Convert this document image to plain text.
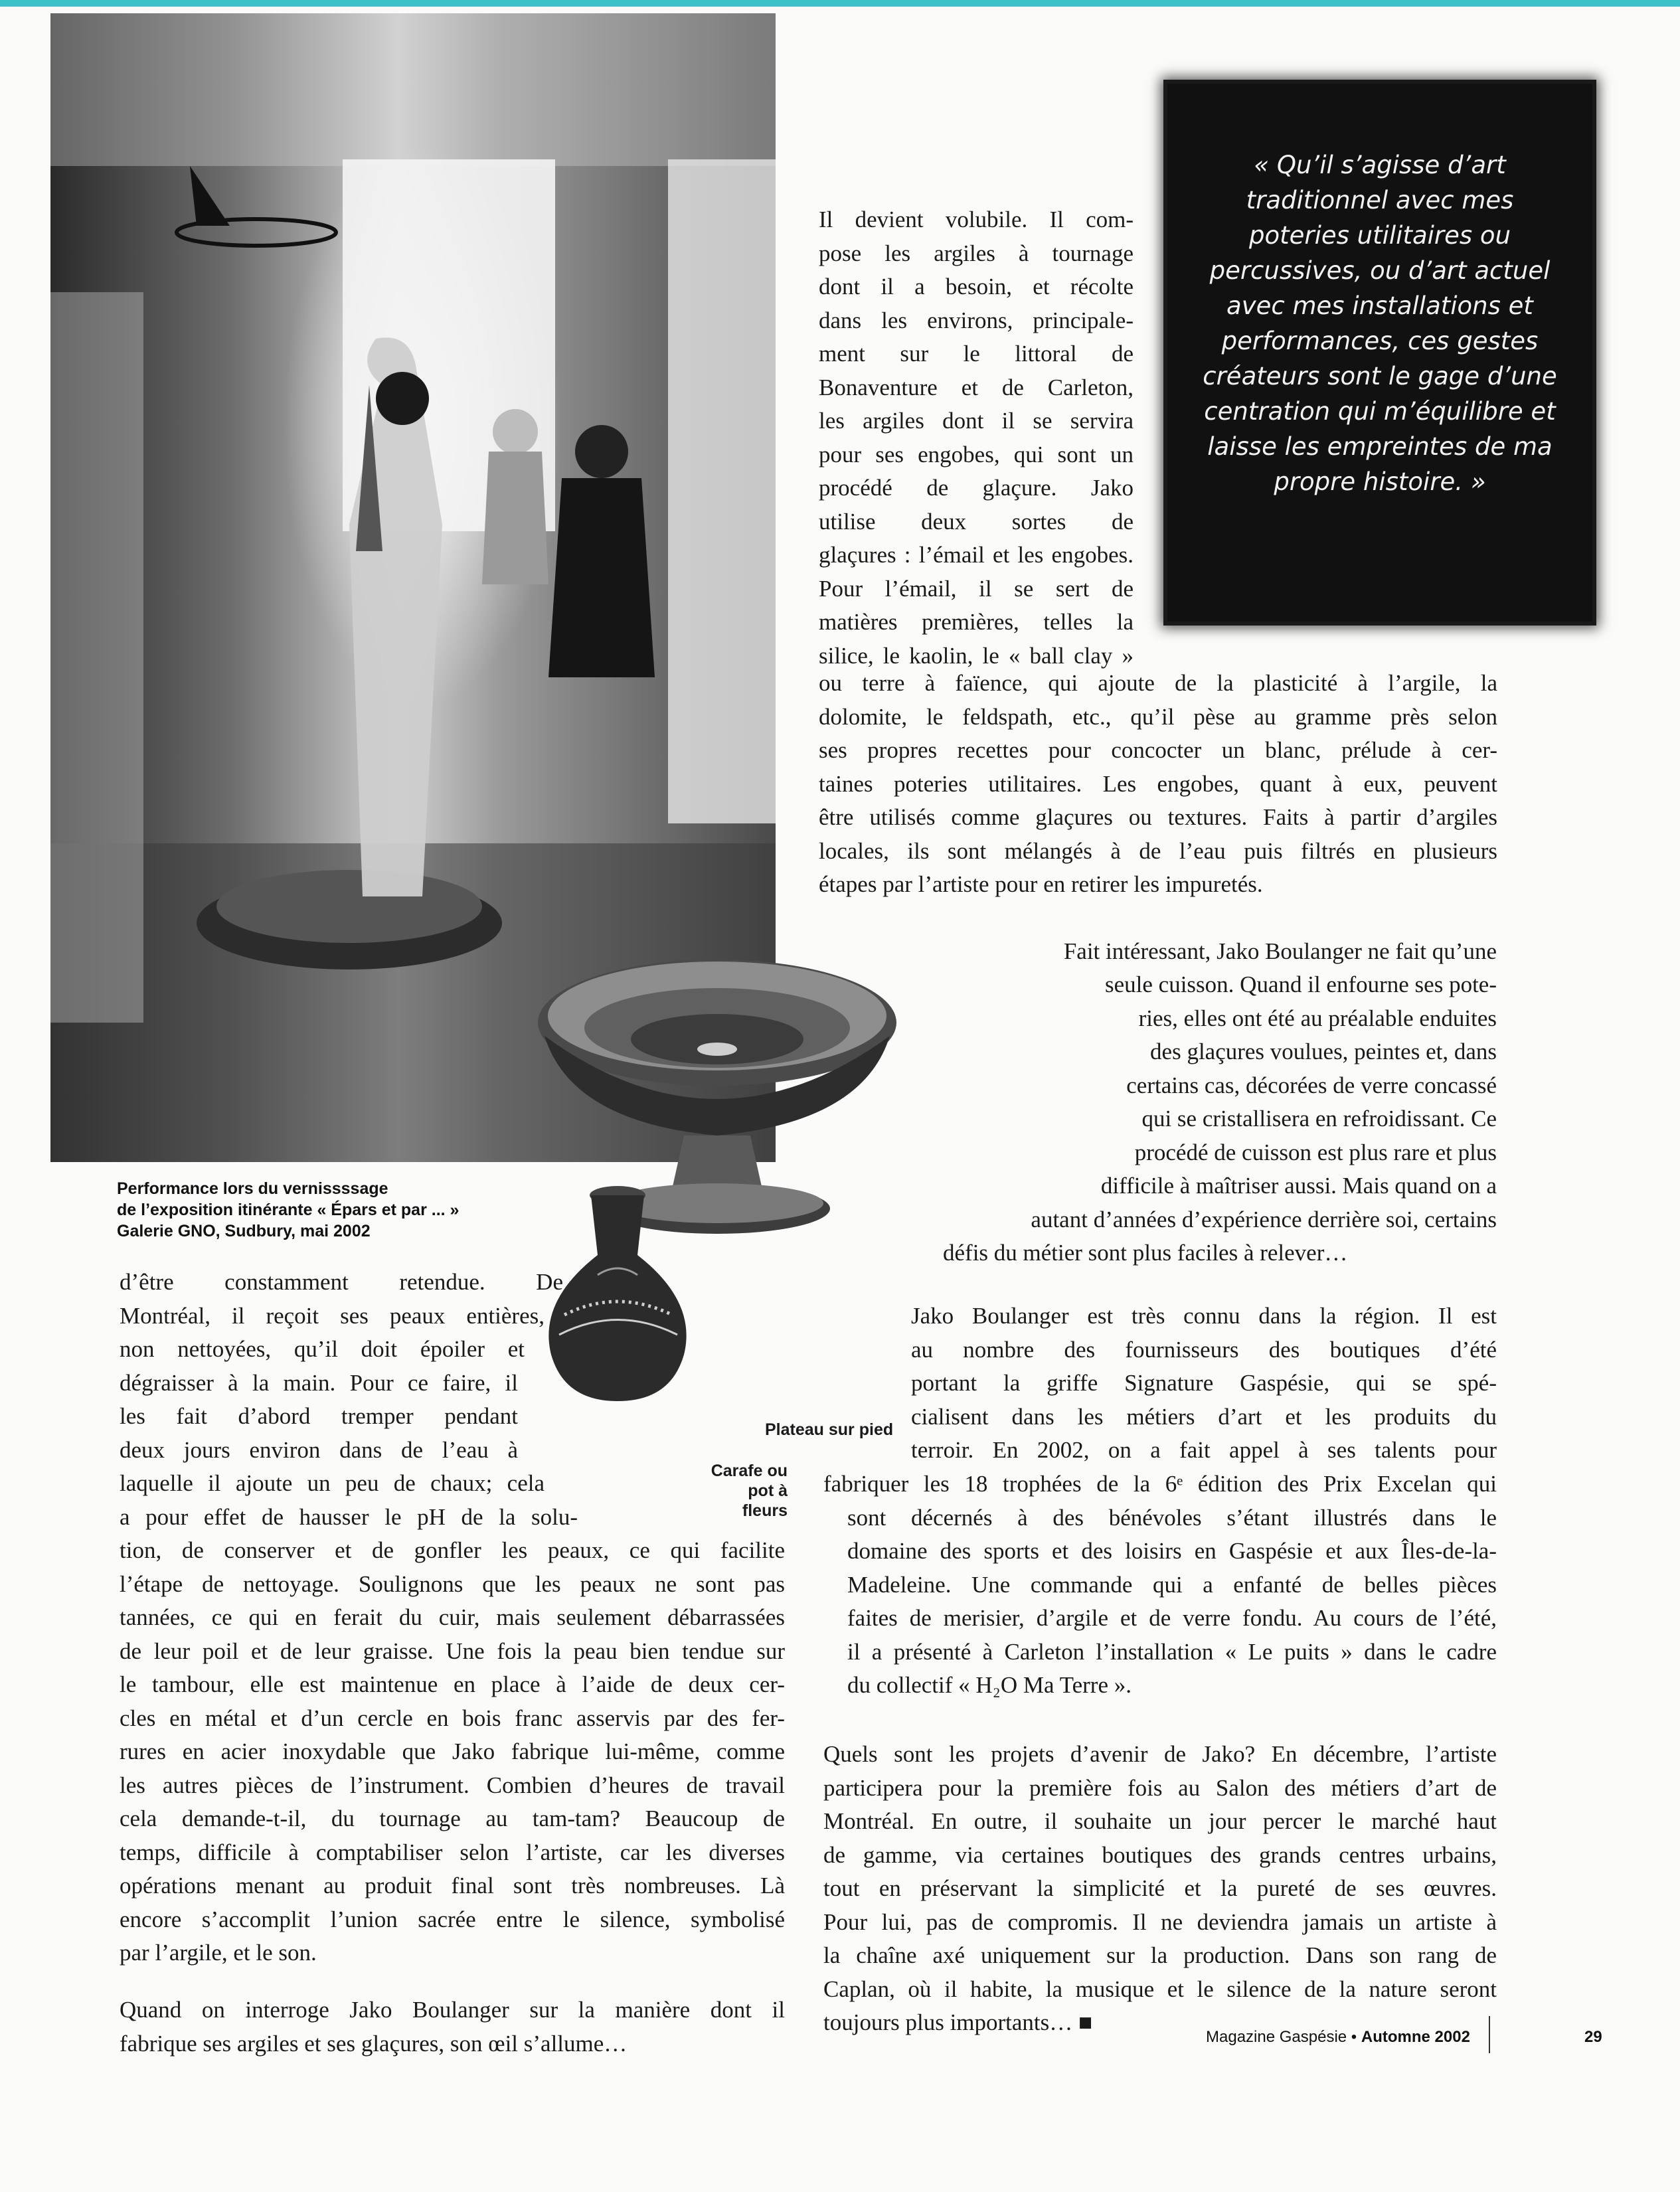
Performance lors du vernissssage
de l’exposition itinérante « Épars et par ... »
Galerie GNO, Sudbury, mai 2002
« Qu’il s’agisse d’art traditionnel avec mes poteries utilitaires ou percussives, ou d’art actuel avec mes installations et performances, ces gestes créateurs sont le gage d’une centration qui m’équilibre et laisse les empreintes de ma propre histoire. »
Il devient volubile. Il com-
pose les argiles à tournage
dont il a besoin, et récolte
dans les environs, principale-
ment sur le littoral de
Bonaventure et de Carleton,
les argiles dont il se servira
pour ses engobes, qui sont un
procédé de glaçure. Jako
utilise deux sortes de
glaçures : l’émail et les engobes.
Pour l’émail, il se sert de
matières premières, telles la
silice, le kaolin, le « ball clay »
ou terre à faïence, qui ajoute de la plasticité à l’argile, la
dolomite, le feldspath, etc., qu’il pèse au gramme près selon
ses propres recettes pour concocter un blanc, prélude à cer-
taines poteries utilitaires. Les engobes, quant à eux, peuvent
être utilisés comme glaçures ou textures. Faits à partir d’argiles
locales, ils sont mélangés à de l’eau puis filtrés en plusieurs
étapes par l’artiste pour en retirer les impuretés.
Fait intéressant, Jako Boulanger ne fait qu’une
seule cuisson. Quand il enfourne ses pote-
ries, elles ont été au préalable enduites
des glaçures voulues, peintes et, dans
certains cas, décorées de verre concassé
qui se cristallisera en refroidissant. Ce
procédé de cuisson est plus rare et plus
difficile à maîtriser aussi. Mais quand on a
autant d’années d’expérience derrière soi, certains
défis du métier sont plus faciles à relever…
Plateau sur pied
Carafe ou
pot à fleurs
d’être constamment retendue. De
Montréal, il reçoit ses peaux entières,
non nettoyées, qu’il doit époiler et
dégraisser à la main. Pour ce faire, il
les fait d’abord tremper pendant
deux jours environ dans de l’eau à
laquelle il ajoute un peu de chaux; cela
a pour effet de hausser le pH de la solu-
tion, de conserver et de gonfler les peaux, ce qui facilite
l’étape de nettoyage. Soulignons que les peaux ne sont pas
tannées, ce qui en ferait du cuir, mais seulement débarrassées
de leur poil et de leur graisse. Une fois la peau bien tendue sur
le tambour, elle est maintenue en place à l’aide de deux cer-
cles en métal et d’un cercle en bois franc asservis par des fer-
rures en acier inoxydable que Jako fabrique lui-même, comme
les autres pièces de l’instrument. Combien d’heures de travail
cela demande-t-il, du tournage au tam-tam? Beaucoup de
temps, difficile à comptabiliser selon l’artiste, car les diverses
opérations menant au produit final sont très nombreuses. Là
encore s’accomplit l’union sacrée entre le silence, symbolisé
par l’argile, et le son.
Quand on interroge Jako Boulanger sur la manière dont il
fabrique ses argiles et ses glaçures, son œil s’allume…
Jako Boulanger est très connu dans la région. Il est
au nombre des fournisseurs des boutiques d’été
portant la griffe Signature Gaspésie, qui se spé-
cialisent dans les métiers d’art et les produits du
terroir. En 2002, on a fait appel à ses talents pour
fabriquer les 18 trophées de la 6ᵉ édition des Prix Excelan qui
sont décernés à des bénévoles s’étant illustrés dans le
domaine des sports et des loisirs en Gaspésie et aux Îles-de-la-
Madeleine. Une commande qui a enfanté de belles pièces
faites de merisier, d’argile et de verre fondu. Au cours de l’été,
il a présenté à Carleton l’installation « Le puits » dans le cadre
du collectif « H₂O Ma Terre ».
Quels sont les projets d’avenir de Jako? En décembre, l’artiste
participera pour la première fois au Salon des métiers d’art de
Montréal. En outre, il souhaite un jour percer le marché haut
de gamme, via certaines boutiques des grands centres urbains,
tout en préservant la simplicité et la pureté de ses œuvres.
Pour lui, pas de compromis. Il ne deviendra jamais un artiste à
la chaîne axé uniquement sur la production. Dans son rang de
Caplan, où il habite, la musique et le silence de la nature seront
toujours plus importants… ■
Magazine Gaspésie • Automne 2002	29
